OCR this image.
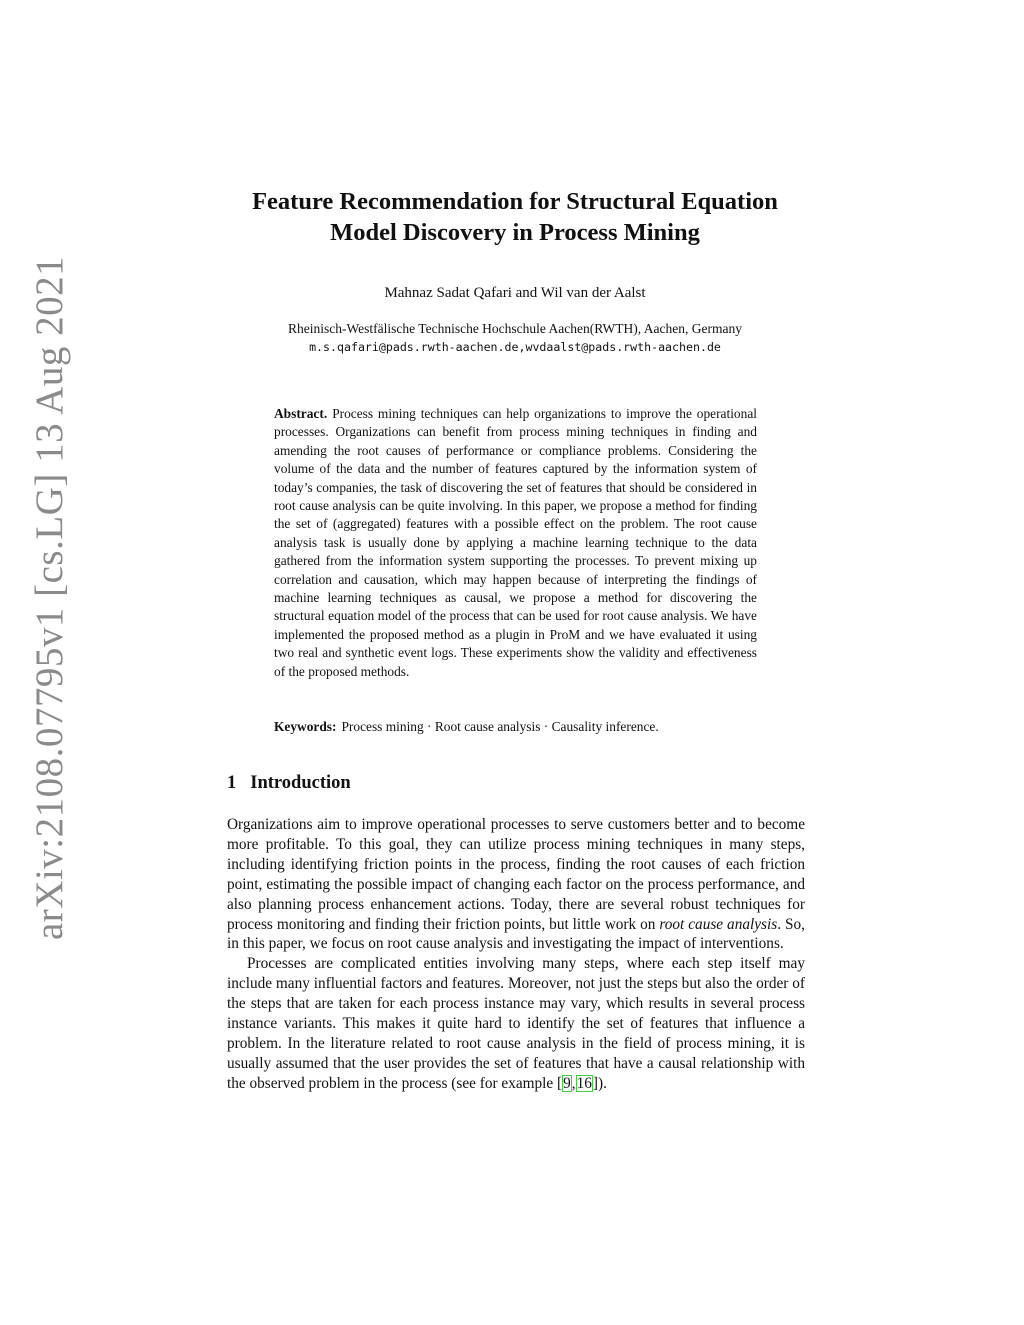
arXiv:2108.07795v1 [cs.LG] 13 Aug 2021
Feature Recommendation for Structural Equation
Model Discovery in Process Mining
Mahnaz Sadat Qafari and Wil van der Aalst
Rheinisch-Westfälische Technische Hochschule Aachen(RWTH), Aachen, Germany
m.s.qafari@pads.rwth-aachen.de,wvdaalst@pads.rwth-aachen.de

Abstract. Process mining techniques can help organizations to improve the operational processes. Organizations can benefit from process mining techniques in finding and amending the root causes of performance or compliance problems. Considering the volume of the data and the number of features captured by the information system of today’s companies, the task of discovering the set of features that should be considered in root cause analysis can be quite involving. In this paper, we propose a method for finding the set of (aggregated) features with a possible effect on the problem. The root cause analysis task is usually done by applying a machine learning technique to the data gathered from the information system supporting the processes. To prevent mixing up correlation and causation, which may happen because of interpreting the findings of machine learning techniques as causal, we propose a method for discovering the structural equation model of the process that can be used for root cause analysis. We have implemented the proposed method as a plugin in ProM and we have evaluated it using two real and synthetic event logs. These experiments show the validity and effectiveness of the proposed methods.

Keywords: Process mining · Root cause analysis · Causality inference.

1 Introduction

Organizations aim to improve operational processes to serve customers better and to become more profitable. To this goal, they can utilize process mining techniques in many steps, including identifying friction points in the process, finding the root causes of each friction point, estimating the possible impact of changing each factor on the process performance, and also planning process enhancement actions. Today, there are several robust techniques for process monitoring and finding their friction points, but little work on root cause analysis. So, in this paper, we focus on root cause analysis and investigating the impact of interventions.

Processes are complicated entities involving many steps, where each step itself may include many influential factors and features. Moreover, not just the steps but also the order of the steps that are taken for each process instance may vary, which results in several process instance variants. This makes it quite hard to identify the set of features that influence a problem. In the literature related to root cause analysis in the field of process mining, it is usually assumed that the user provides the set of features that have a causal relationship with the observed problem in the process (see for example [9,16]).
